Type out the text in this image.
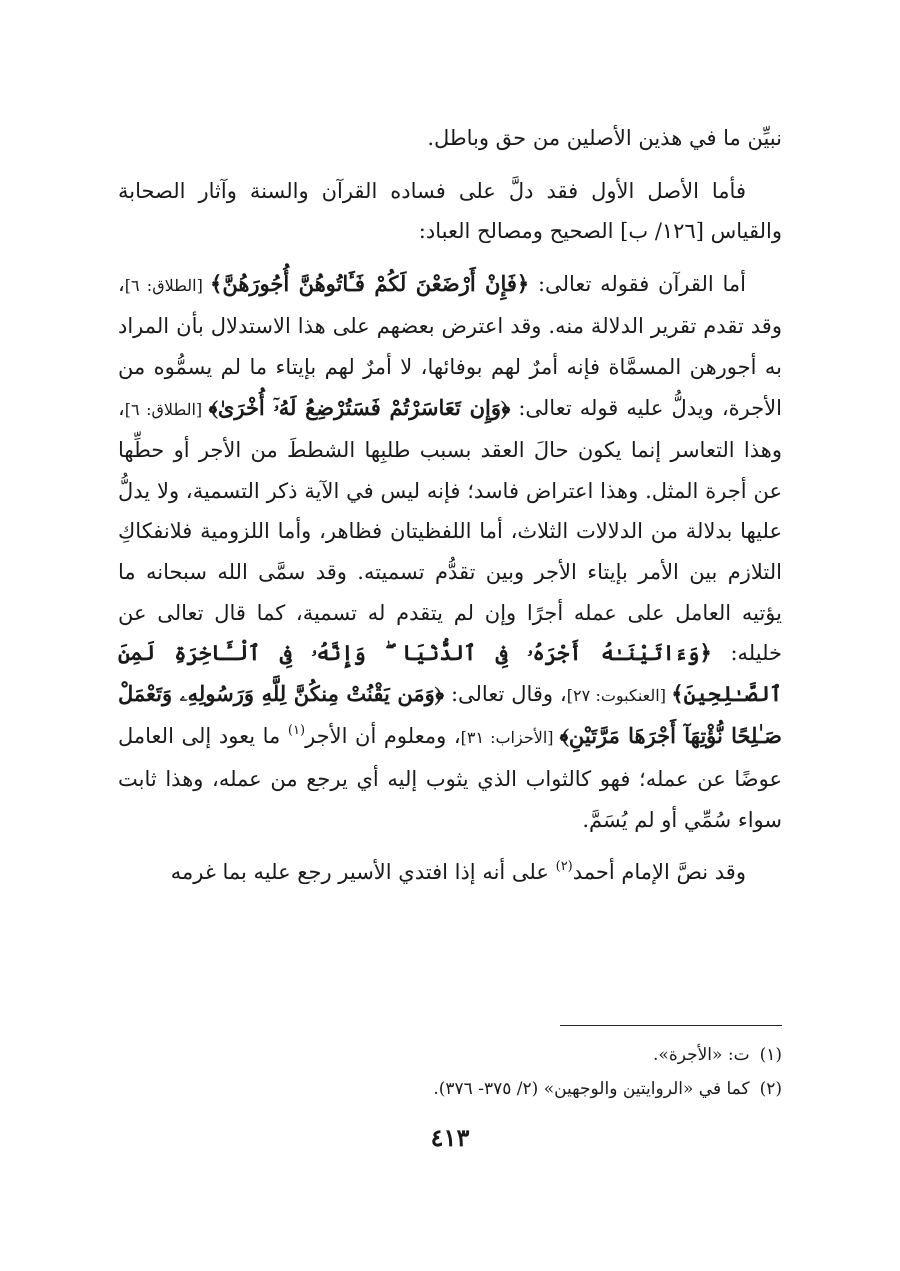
نبيِّن ما في هذين الأصلين من حق وباطل.

فأما الأصل الأول فقد دلَّ على فساده القرآن والسنة وآثار الصحابة والقياس [١٢٦/ ب] الصحيح ومصالح العباد:

أما القرآن فقوله تعالى: ﴿فَإِنْ أَرْضَعْنَ لَكُمْ فَـَٔاتُوهُنَّ أُجُورَهُنَّ﴾ [الطلاق: ٦]، وقد تقدم تقرير الدلالة منه. وقد اعترض بعضهم على هذا الاستدلال بأن المراد به أجورهن المسمَّاة فإنه أمرٌ لهم بوفائها، لا أمرٌ لهم بإيتاء ما لم يسمُّوه من الأجرة، ويدلُّ عليه قوله تعالى: ﴿وَإِن تَعَاسَرْتُمْ فَسَتُرْضِعُ لَهُۥٓ أُخْرَىٰ﴾ [الطلاق: ٦]، وهذا التعاسر إنما يكون حالَ العقد بسبب طلبِها الشططَ من الأجر أو حطِّها عن أجرة المثل. وهذا اعتراض فاسد؛ فإنه ليس في الآية ذكر التسمية، ولا يدلُّ عليها بدلالة من الدلالات الثلاث، أما اللفظيتان فظاهر، وأما اللزومية فلانفكاكِ التلازم بين الأمر بإيتاء الأجر وبين تقدُّم تسميته. وقد سمَّى الله سبحانه ما يؤتيه العامل على عمله أجرًا وإن لم يتقدم له تسمية، كما قال تعالى عن خليله: ﴿وَءَاتَيْنَـٰهُ أَجْرَهُۥ فِى ٱلدُّنْيَا ۖ وَإِنَّهُۥ فِى ٱلْـَٔاخِرَةِ لَمِنَ ٱلصَّـٰلِحِينَ﴾ [العنكبوت: ٢٧]، وقال تعالى: ﴿وَمَن يَقْنُتْ مِنكُنَّ لِلَّهِ وَرَسُولِهِۦ وَتَعْمَلْ صَـٰلِحًا نُّؤْتِهَآ أَجْرَهَا مَرَّتَيْنِ﴾ [الأحزاب: ٣١]، ومعلوم أن الأجر$^{(١)}$ ما يعود إلى العامل عوضًا عن عمله؛ فهو كالثواب الذي يثوب إليه أي يرجع من عمله، وهذا ثابت سواء سُمِّي أو لم يُسَمَّ.

وقد نصَّ الإمام أحمد$^{(٢)}$ على أنه إذا افتدي الأسير رجع عليه بما غرمه

(١)ت: «الأجرة».
(٢)كما في «الروايتين والوجهين» (٢/ ٣٧٥- ٣٧٦).
٤١٣
